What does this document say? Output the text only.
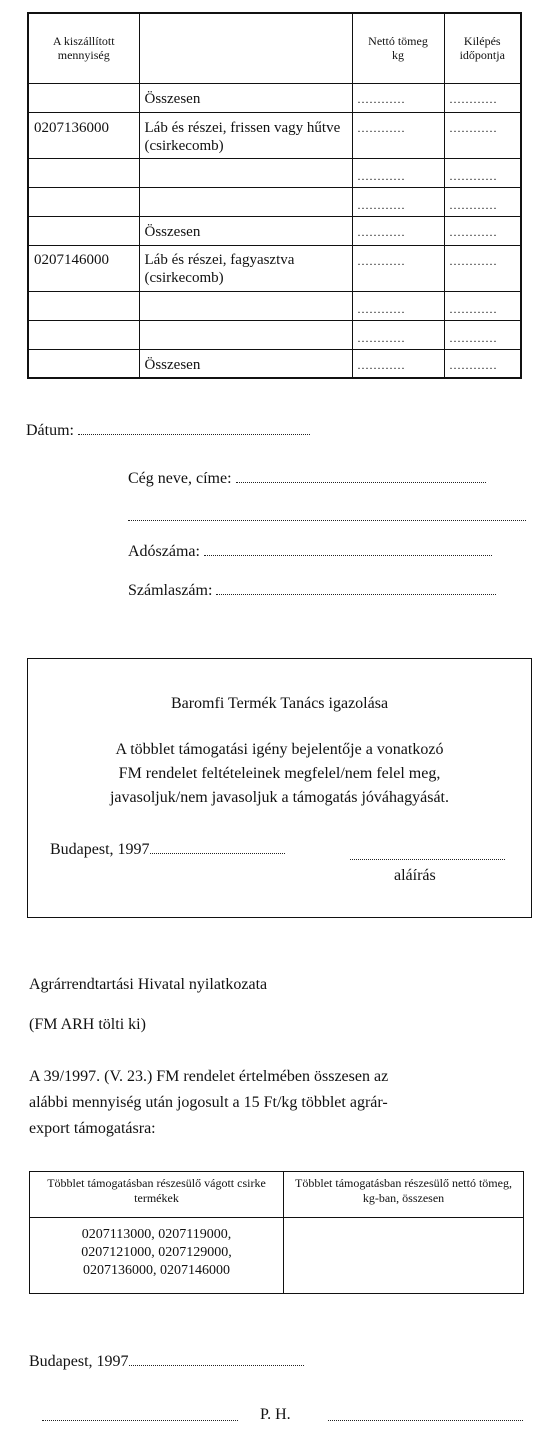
A kiszállított mennyiség		Nettó tömeg kg	Kilépés időpontja
	Összesen	............	............

0207136000	Láb és részei, frissen vagy hűtve (csirkecomb)	............	............

		............	............

		............	............

	Összesen	............	............

0207146000	Láb és részei, fagyasztva (csirkecomb)	............	............

		............	............

		............	............

	Összesen	............	............
Dátum:
Cég neve, címe:
Adószáma:
Számlaszám:
Baromfi Termék Tanács igazolása
A többlet támogatási igény bejelentője a vonatkozó
FM rendelet feltételeinek megfelel/nem felel meg,
javasoljuk/nem javasoljuk a támogatás jóváhagyását.
Budapest, 1997
aláírás
Agrárrendtartási Hivatal nyilatkozata
(FM ARH tölti ki)
A 39/1997. (V. 23.) FM rendelet értelmében összesen az
alábbi mennyiség után jogosult a 15 Ft/kg többlet agrár-
export támogatásra:
Többlet támogatásban részesülő vágott csirke termékek	Többlet támogatásban részesülő nettó tömeg, kg-ban, összesen

0207113000, 0207119000,
0207121000, 0207129000,
0207136000, 0207146000	

Budapest, 1997
P. H.
